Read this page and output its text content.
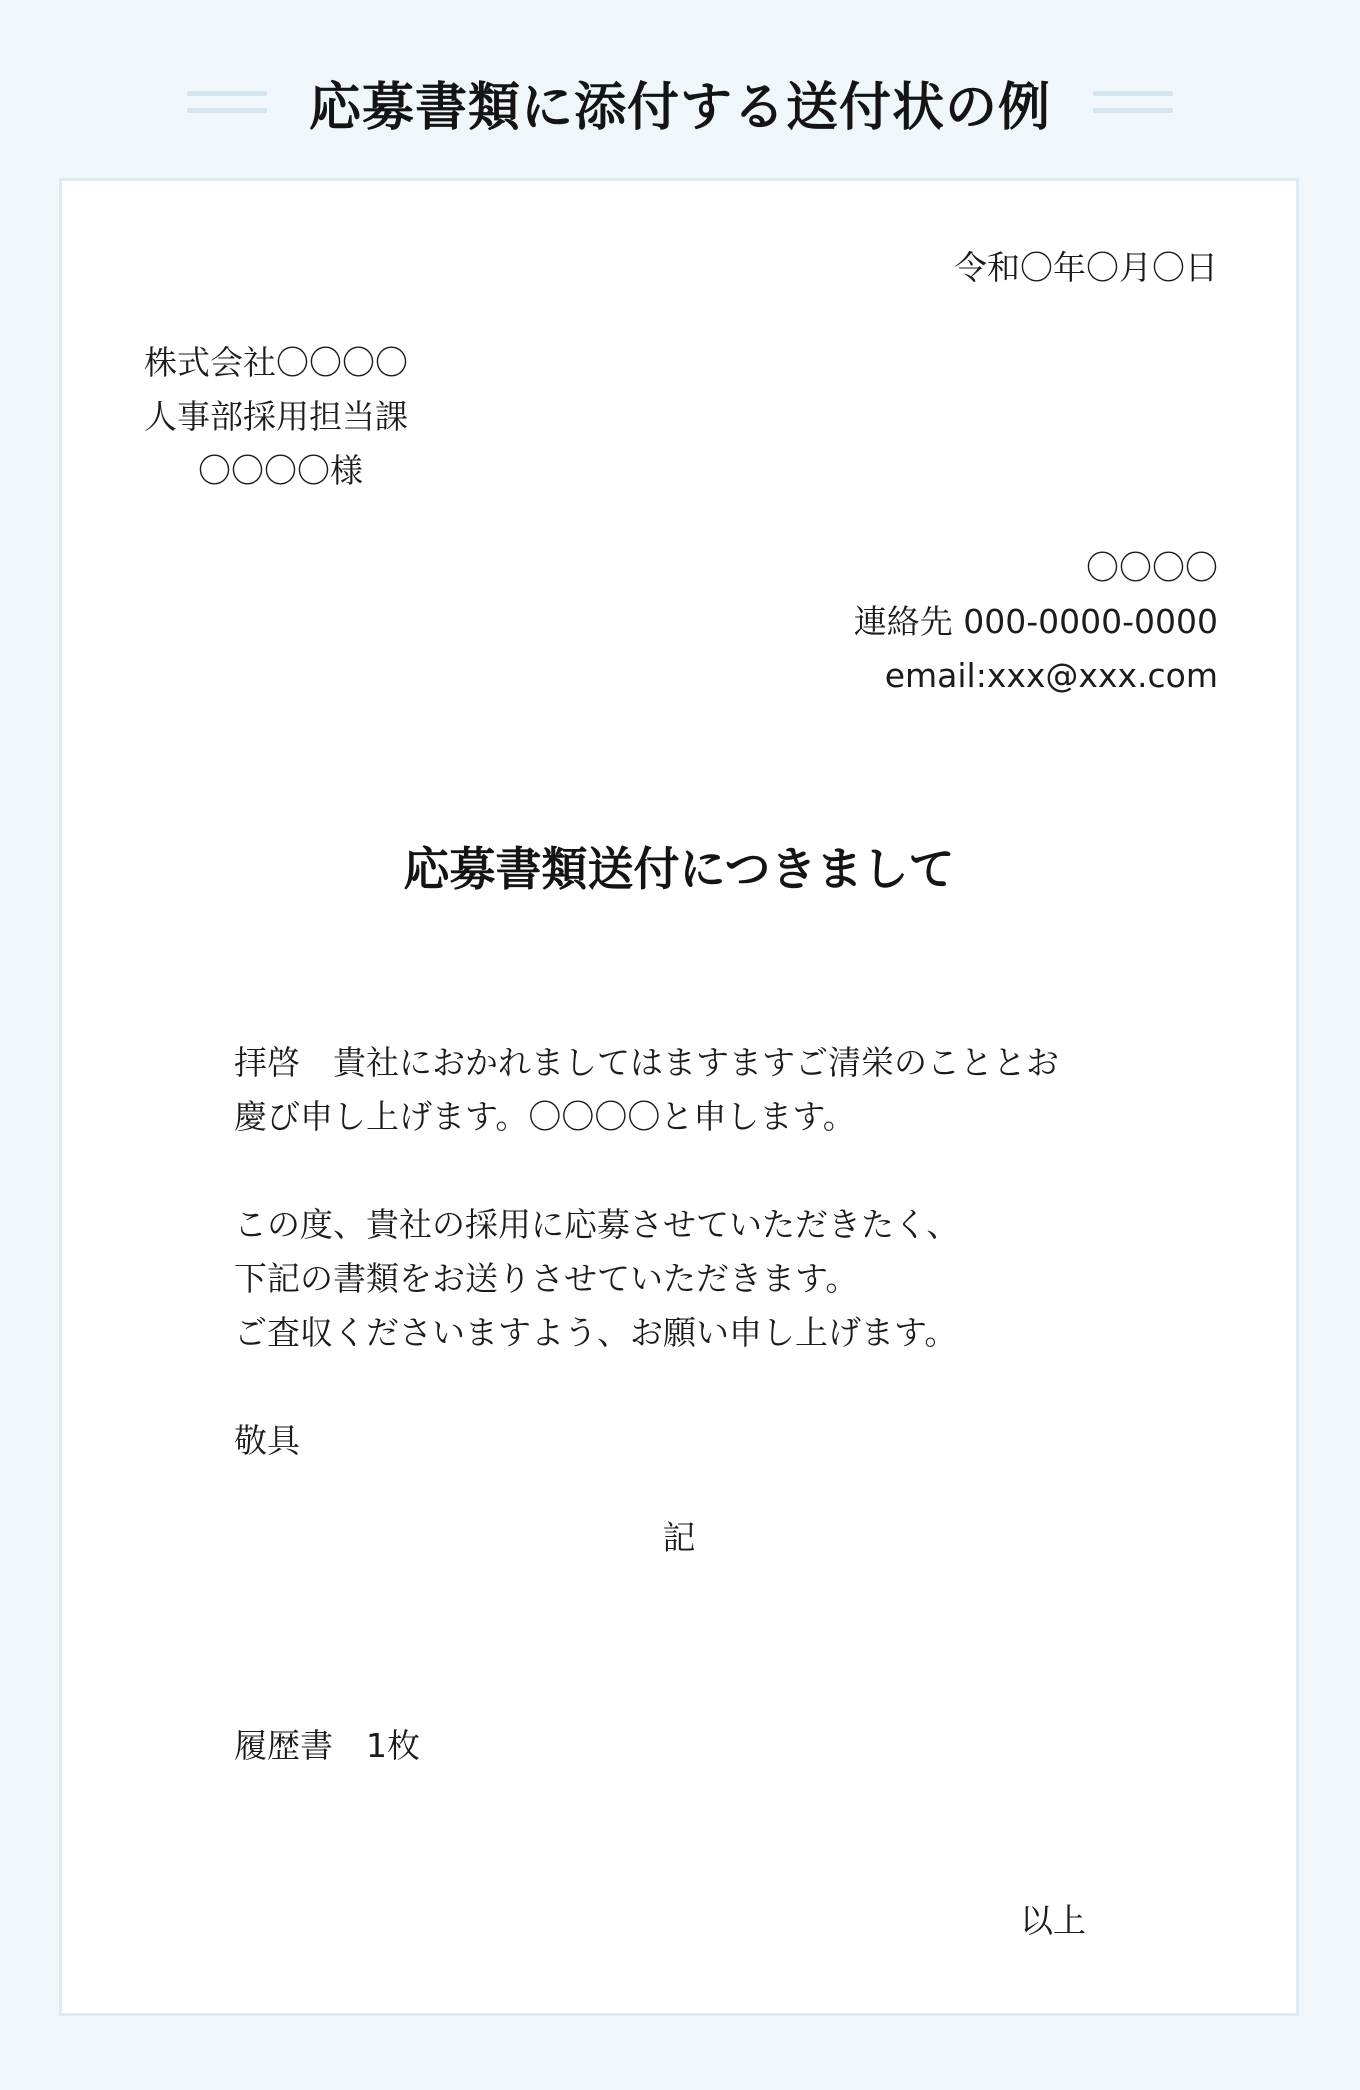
応募書類に添付する送付状の例
令和〇年〇月〇日
株式会社〇〇〇〇
人事部採用担当課
〇〇〇〇様
〇〇〇〇
連絡先 000-0000-0000
email:xxx@xxx.com
応募書類送付につきまして
拝啓　貴社におかれましてはますますご清栄のこととお
慶び申し上げます。〇〇〇〇と申します。
この度、貴社の採用に応募させていただきたく、
下記の書類をお送りさせていただきます。
ご査収くださいますよう、お願い申し上げます。
敬具
記
履歴書　1枚
以上
